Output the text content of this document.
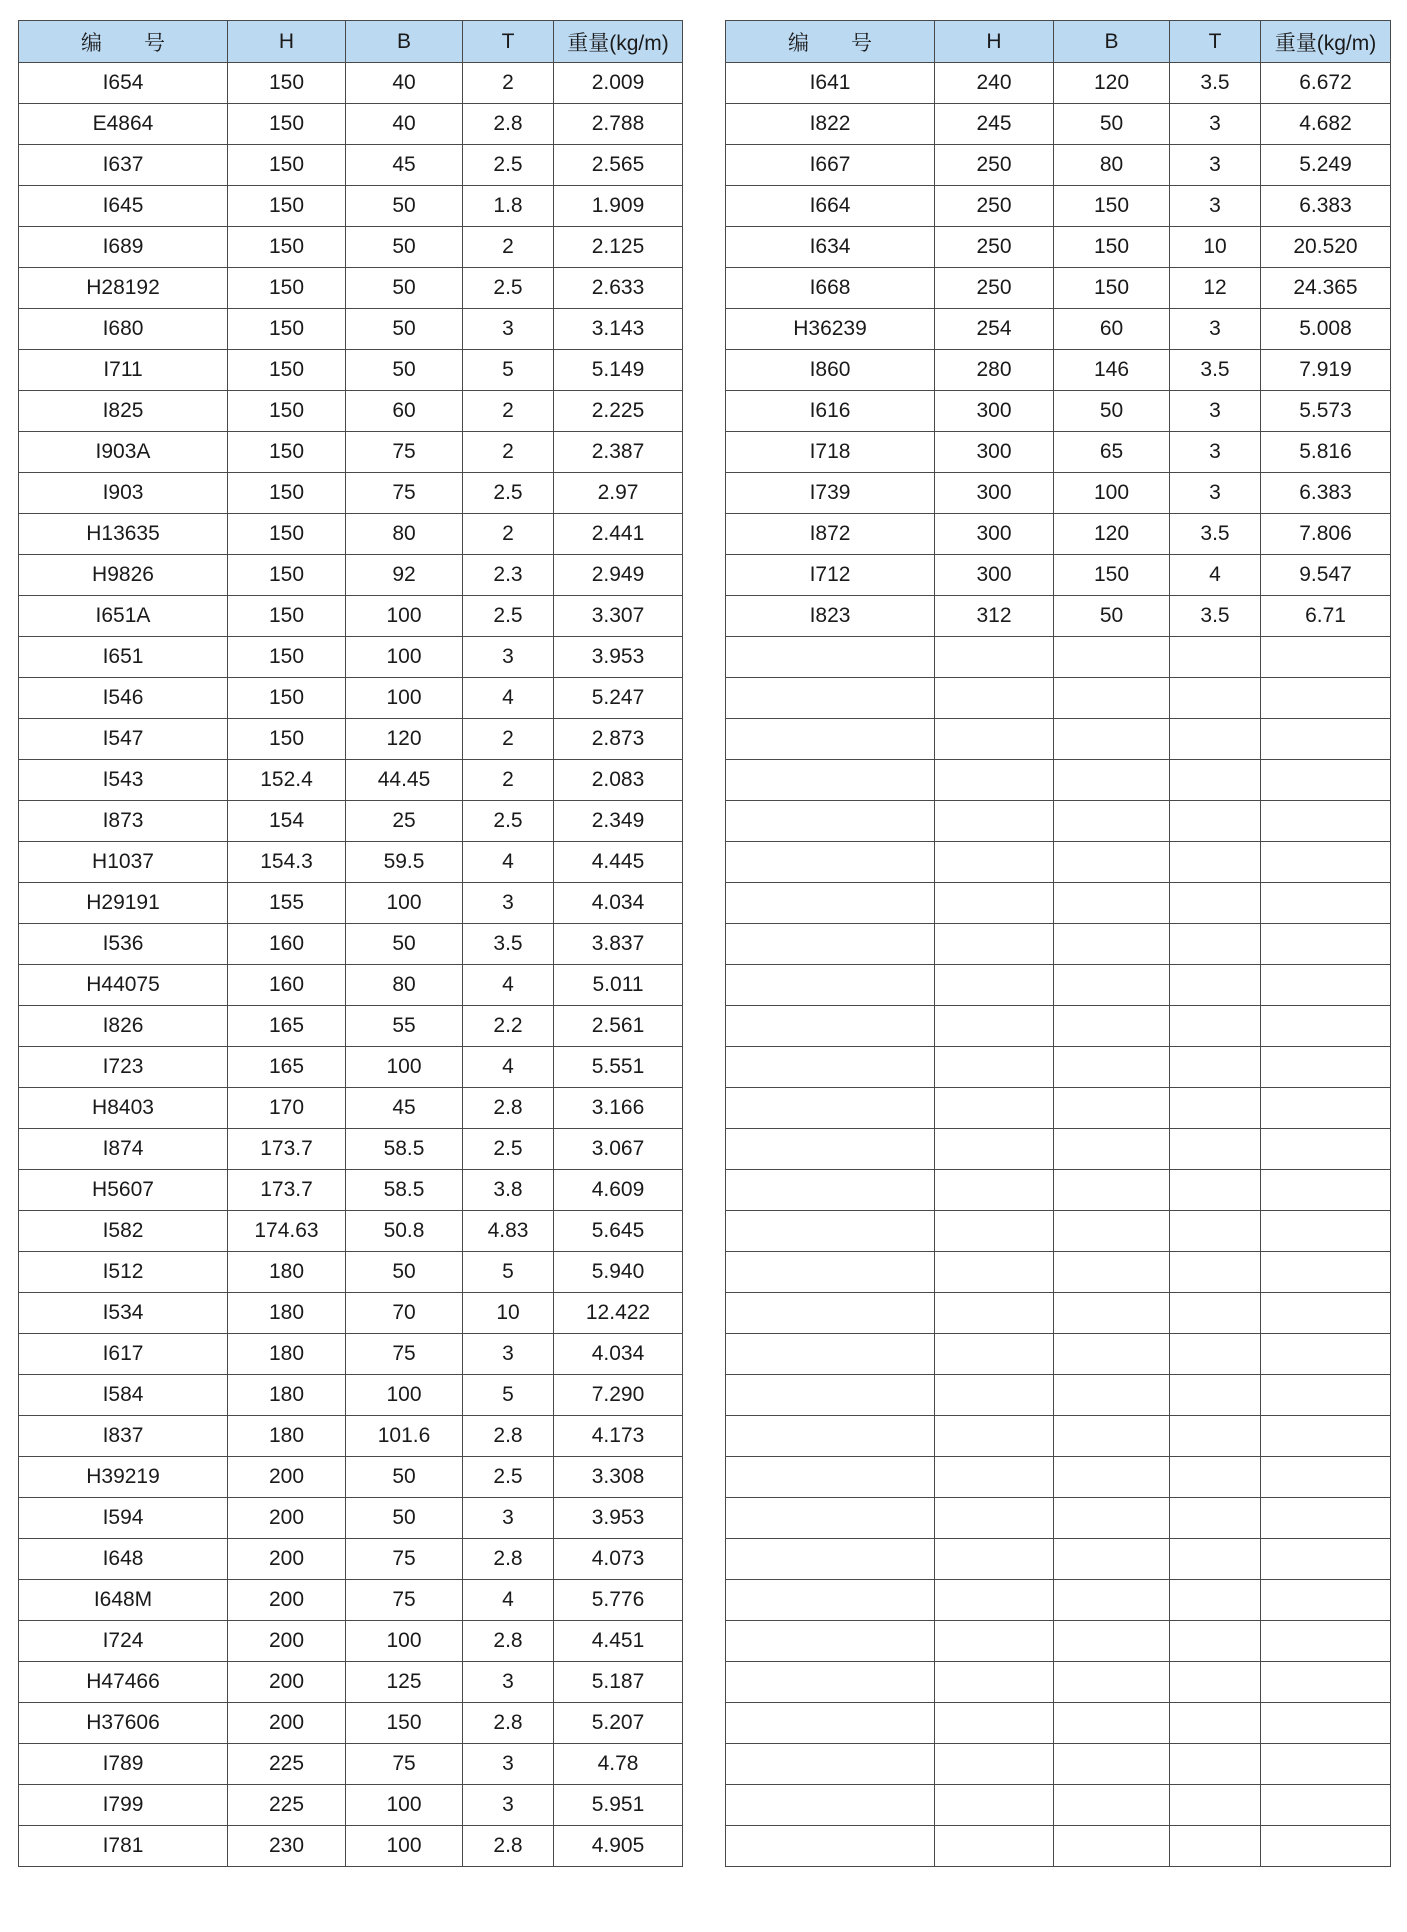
编 号	H	B	T	重量(kg/m)
I654	150	40	2	2.009
E4864	150	40	2.8	2.788
I637	150	45	2.5	2.565
I645	150	50	1.8	1.909
I689	150	50	2	2.125
H28192	150	50	2.5	2.633
I680	150	50	3	3.143
I711	150	50	5	5.149
I825	150	60	2	2.225
I903A	150	75	2	2.387
I903	150	75	2.5	2.97
H13635	150	80	2	2.441
H9826	150	92	2.3	2.949
I651A	150	100	2.5	3.307
I651	150	100	3	3.953
I546	150	100	4	5.247
I547	150	120	2	2.873
I543	152.4	44.45	2	2.083
I873	154	25	2.5	2.349
H1037	154.3	59.5	4	4.445
H29191	155	100	3	4.034
I536	160	50	3.5	3.837
H44075	160	80	4	5.011
I826	165	55	2.2	2.561
I723	165	100	4	5.551
H8403	170	45	2.8	3.166
I874	173.7	58.5	2.5	3.067
H5607	173.7	58.5	3.8	4.609
I582	174.63	50.8	4.83	5.645
I512	180	50	5	5.940
I534	180	70	10	12.422
I617	180	75	3	4.034
I584	180	100	5	7.290
I837	180	101.6	2.8	4.173
H39219	200	50	2.5	3.308
I594	200	50	3	3.953
I648	200	75	2.8	4.073
I648M	200	75	4	5.776
I724	200	100	2.8	4.451
H47466	200	125	3	5.187
H37606	200	150	2.8	5.207
I789	225	75	3	4.78
I799	225	100	3	5.951
I781	230	100	2.8	4.905
编 号	H	B	T	重量(kg/m)
I641	240	120	3.5	6.672
I822	245	50	3	4.682
I667	250	80	3	5.249
I664	250	150	3	6.383
I634	250	150	10	20.520
I668	250	150	12	24.365
H36239	254	60	3	5.008
I860	280	146	3.5	7.919
I616	300	50	3	5.573
I718	300	65	3	5.816
I739	300	100	3	6.383
I872	300	120	3.5	7.806
I712	300	150	4	9.547
I823	312	50	3.5	6.71
